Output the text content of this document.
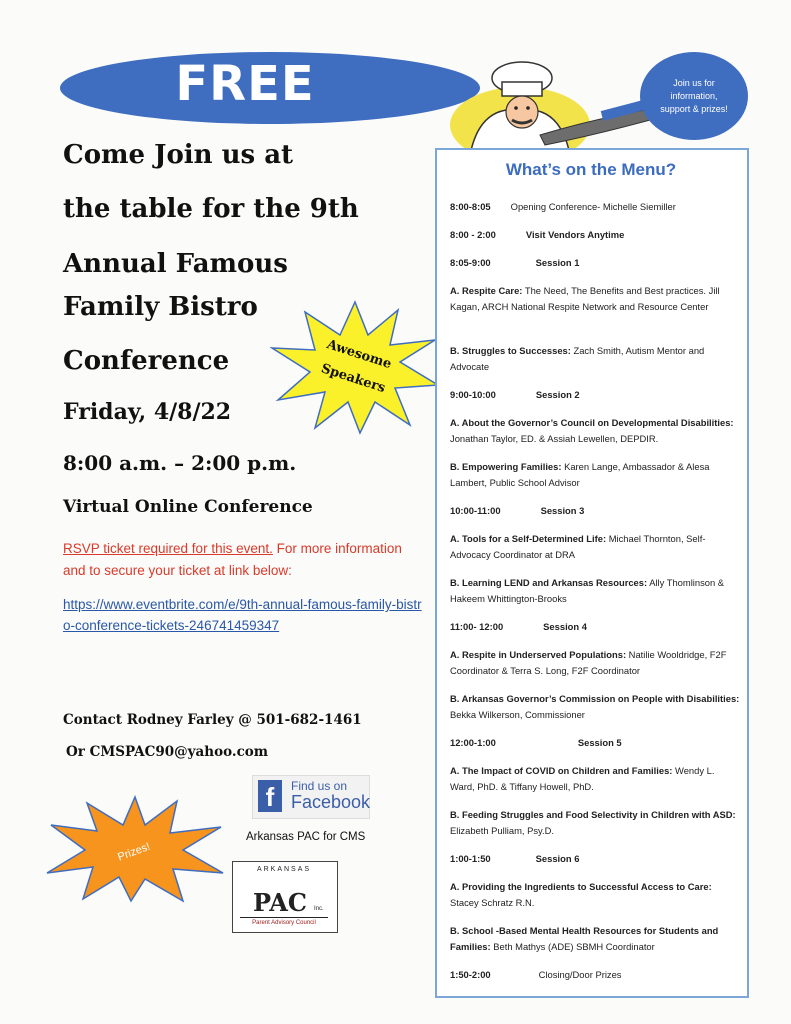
FREE	Join us for information, support & prizes!
Come Join us at
the table for the 9th
Annual Famous
Family Bistro
Conference
Friday, 4/8/22
8:00 a.m. – 2:00 p.m.
Virtual Online Conference
Awesome
Speakers
RSVP ticket required for this event. For more information and to secure your ticket at link below:
https://www.eventbrite.com/e/9th-annual-famous-family-bistro-conference-tickets-246741459347
Contact Rodney Farley @ 501-682-1461
Or CMSPAC90@yahoo.com
Prizes!
f	Find us on
Facebook
Arkansas PAC for CMS
ARKANSAS
PAC Inc.
Parent Advisory Council
What’s on the Menu?
8:00-8:05 Opening Conference- Michelle Siemiller
8:00 - 2:00	Visit Vendors Anytime
8:05-9:00	Session 1
A. Respite Care: The Need, The Benefits and Best practices. Jill Kagan, ARCH National Respite Network and Resource Center
B. Struggles to Successes: Zach Smith, Autism Mentor and Advocate
9:00-10:00	Session 2
A. About the Governor’s Council on Developmental Disabilities: Jonathan Taylor, ED. & Assiah Lewellen, DEPDIR.
B. Empowering Families: Karen Lange, Ambassador & Alesa Lambert, Public School Advisor
10:00-11:00	Session 3
A. Tools for a Self-Determined Life: Michael Thornton, Self-Advocacy Coordinator at DRA
B. Learning LEND and Arkansas Resources: Ally Thomlinson & Hakeem Whittington-Brooks
11:00- 12:00	Session 4
A. Respite in Underserved Populations: Natilie Wooldridge, F2F Coordinator & Terra S. Long, F2F Coordinator
B. Arkansas Governor’s Commission on People with Disabilities: Bekka Wilkerson, Commissioner
12:00-1:00	Session 5
A. The Impact of COVID on Children and Families: Wendy L. Ward, PhD. & Tiffany Howell, PhD.
B. Feeding Struggles and Food Selectivity in Children with ASD: Elizabeth Pulliam, Psy.D.
1:00-1:50	Session 6
A. Providing the Ingredients to Successful Access to Care: Stacey Schratz R.N.
B. School -Based Mental Health Resources for Students and Families: Beth Mathys (ADE) SBMH Coordinator
1:50-2:00	Closing/Door Prizes
